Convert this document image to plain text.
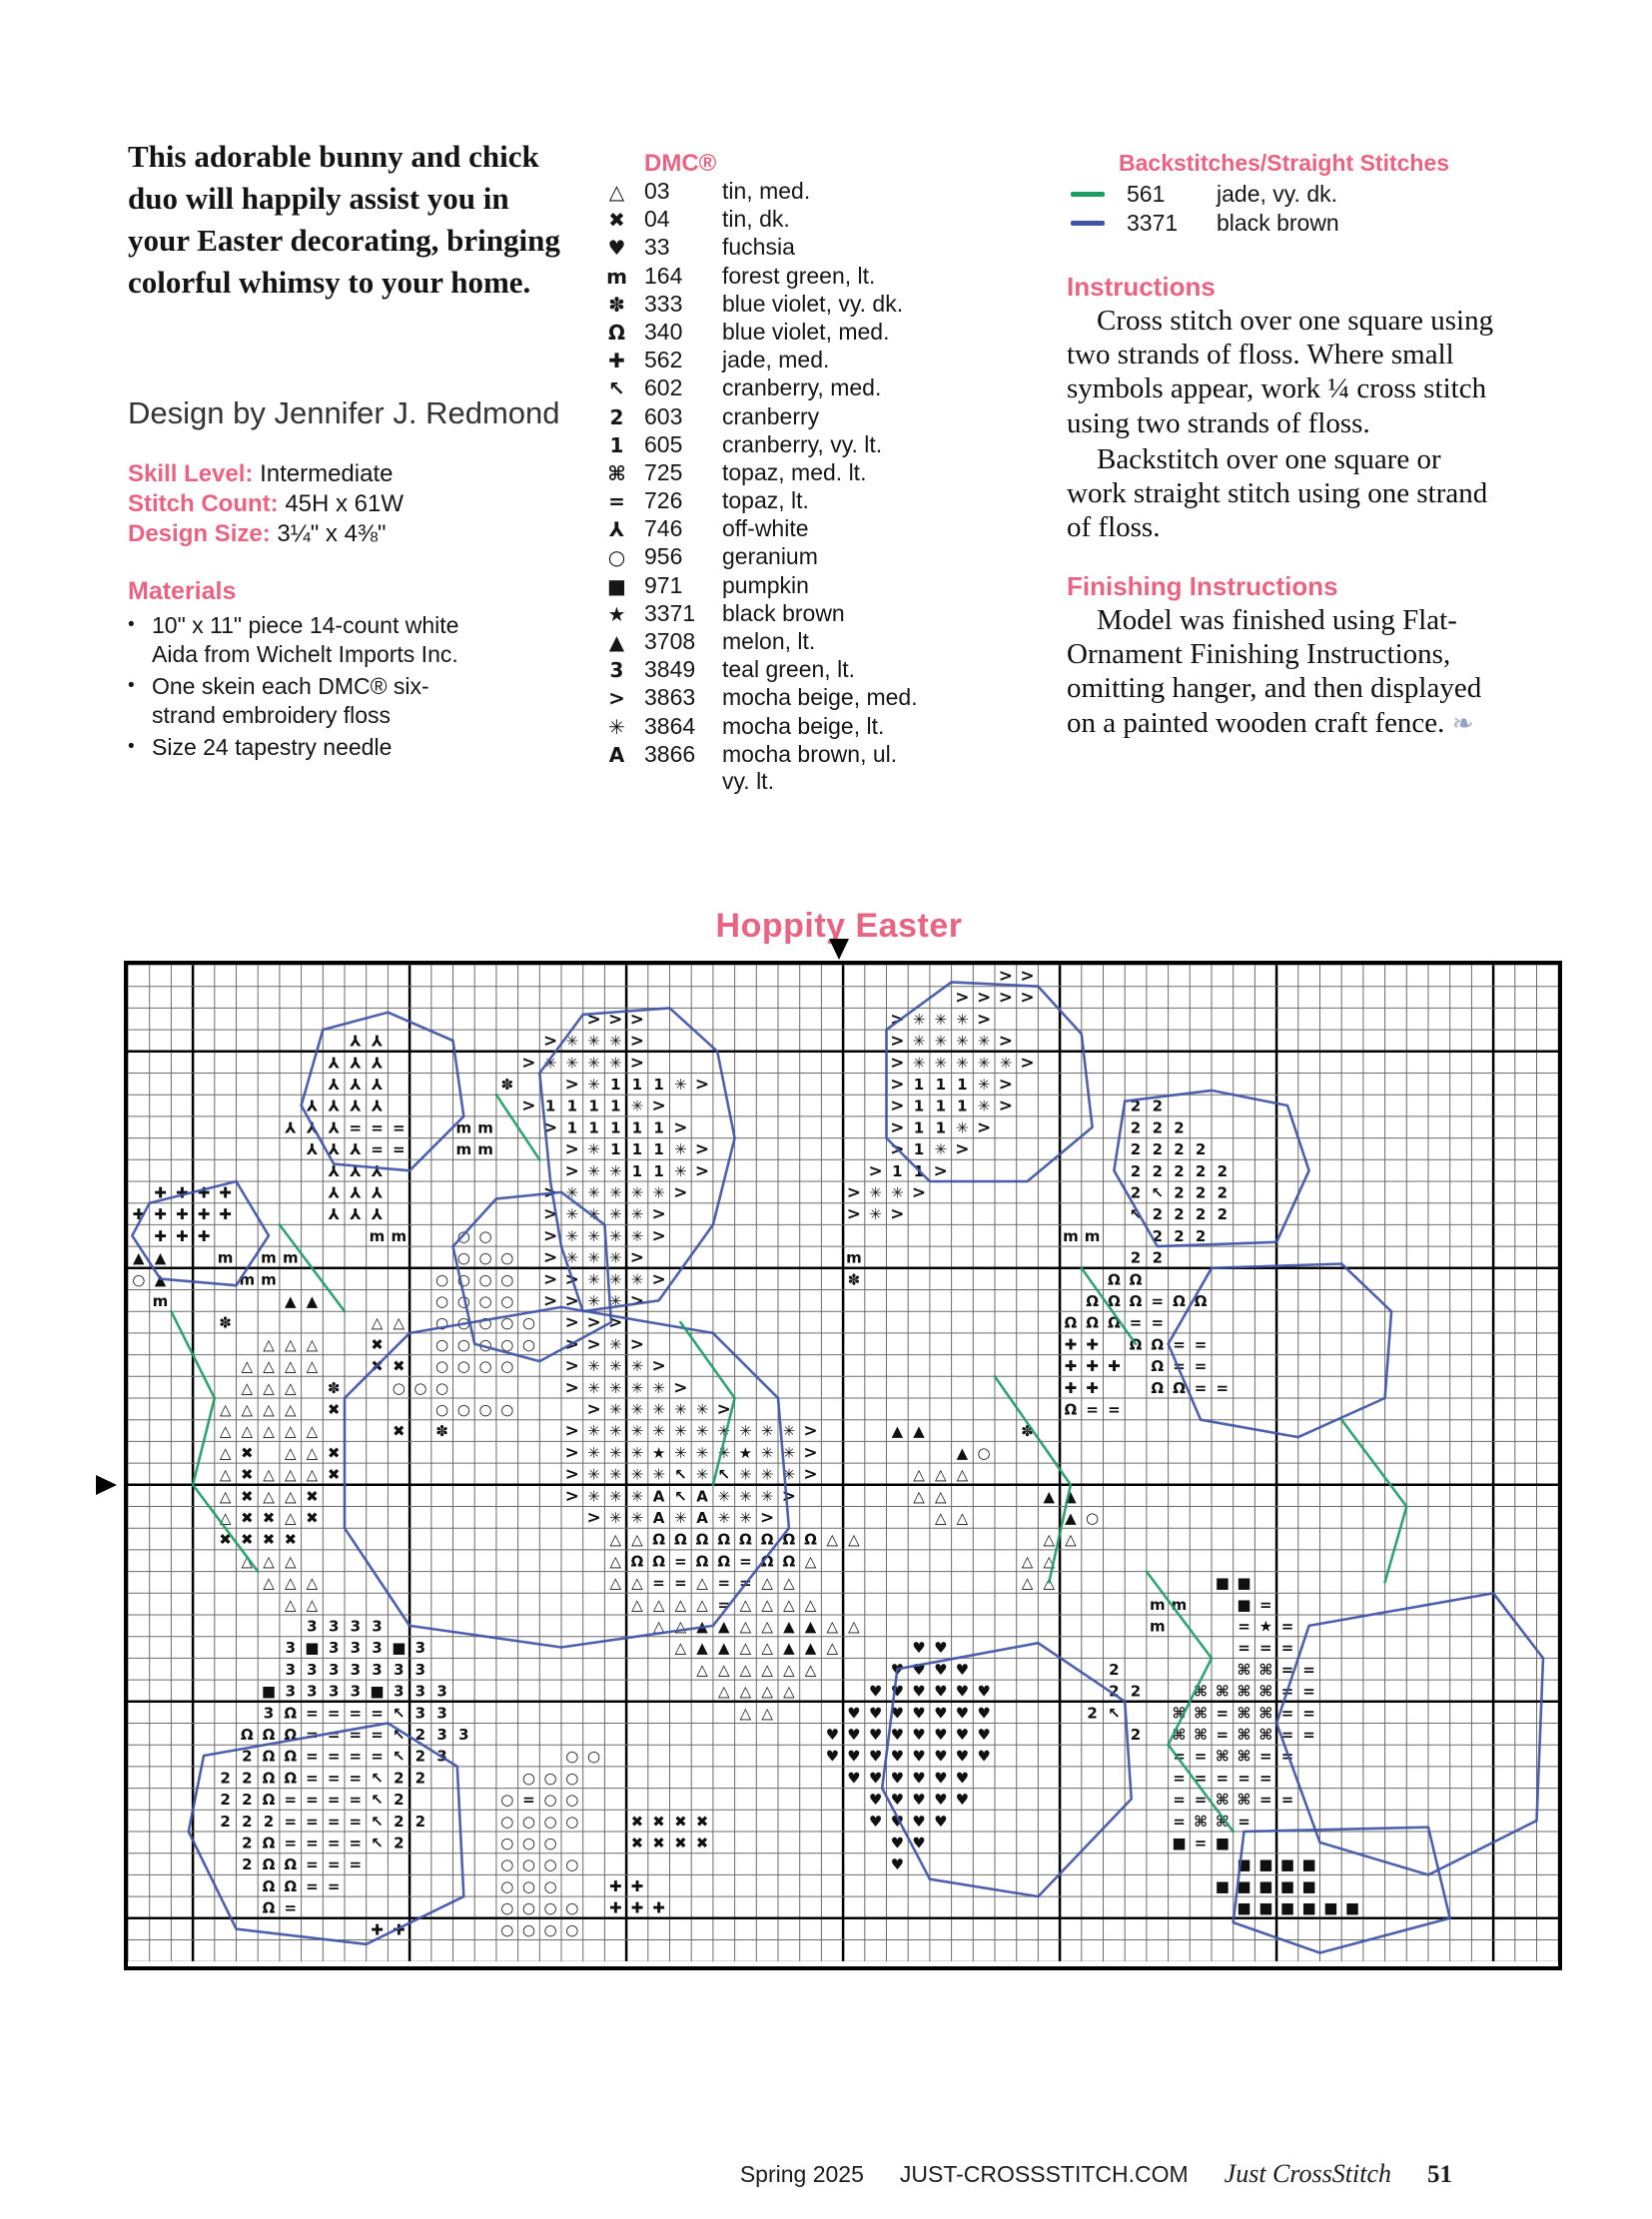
This adorable bunny and chick duo will happily assist you in your Easter decorating, bringing colorful whimsy to your home.
Design by Jennifer J. Redmond
Skill Level: Intermediate
Stitch Count: 45H x 61W
Design Size: 3¼" x 4⅜"
Materials
• 10" x 11" piece 14-count white Aida from Wichelt Imports Inc.
• One skein each DMC® six-strand embroidery floss
• Size 24 tapestry needle
DMC®
△ 03	tin, med.
✖ 04	tin, dk.
♥ 33	fuchsia
m 164	forest green, lt.
✽ 333	blue violet, vy. dk.
Ω 340	blue violet, med.
✚ 562	jade, med.
↖ 602	cranberry, med.
2 603	cranberry
1 605	cranberry, vy. lt.
⌘ 725	topaz, med. lt.
= 726	topaz, lt.
⅄ 746	off-white
○ 956	geranium
■ 971	pumpkin
★ 3371	black brown
▲ 3708	melon, lt.
3 3849	teal green, lt.
> 3863	mocha beige, med.
✳ 3864	mocha beige, lt.
A 3866	mocha brown, ul. vy. lt.
Backstitches/Straight Stitches
561	jade, vy. dk.
3371	black brown
Instructions

Cross stitch over one square using two strands of floss. Where small symbols appear, work ¼ cross stitch using two strands of floss.

Backstitch over one square or work straight stitch using one strand of floss.

Finishing Instructions

Model was finished using Flat-Ornament Finishing Instructions, omitting hanger, and then displayed on a painted wooden craft fence. ❧

Hoppity Easter
> >
> > > >
> > >	> ✳ ✳ ✳ >
⅄ ⅄	> ✳ ✳ ✳ >	> ✳ ✳ ✳ ✳ >
⅄ ⅄ ⅄	> ✳ ✳ ✳ ✳ >	> ✳ ✳ ✳ ✳ ✳ >
⅄ ⅄ ⅄	✽	> ✳ 1 1 1 ✳ >	> 1 1 1 ✳ >
⅄ ⅄ ⅄ ⅄	> 1 1 1 1 ✳ >	> 1 1 1 ✳ >	2 2
⅄ ⅄ ⅄ = = =	m m	> 1 1 1 1 1 >	> 1 1 ✳ >	2 2 2
⅄ ⅄ ⅄ = =	m m	> ✳ 1 1 1 ✳ >	> 1 ✳ >	2 2 2 2
⅄ ⅄ ⅄	> ✳ ✳ 1 1 ✳ >	> 1 1 >	2 2 2 2 2
✚ ✚ ✚ ✚	⅄ ⅄ ⅄	> ✳ ✳ ✳ ✳ ✳ >	> ✳ ✳ >	2 ↖ 2 2 2
✚ ✚ ✚ ✚ ✚	⅄ ⅄ ⅄	> ✳ ✳ ✳ ✳ >	> ✳ >	↖ 2 2 2 2
✚ ✚ ✚	m m	○ ○	> ✳ ✳ ✳ ✳ >	m m	2 2 2
▲ ▲	m m m	○ ○ ○ > ✳ ✳ ✳ >	m	2 2
○ ▲	m m	○ ○ ○ ○ > > ✳ ✳ ✳ >	✽	Ω Ω
m	▲ ▲	○ ○ ○ ○ > > ✳ ✳ >	Ω Ω Ω = Ω Ω
✽	△ △ ○ ○ ○ ○ ○ > > >	Ω Ω Ω = =
△ △ △	✖	○ ○ ○ ○ ○ > > ✳ >	✚ ✚ Ω Ω = =
△ △ △ △	✖ ✖ ○ ○ ○ ○	> ✳ ✳ ✳ >	✚ ✚ ✚ Ω = =
△ △ △ ✽	○ ○ ○	> ✳ ✳ ✳ ✳ >	✚ ✚	Ω Ω = =
△ △ △ △ ✖	○ ○ ○ ○	> ✳ ✳ ✳ ✳ ✳ >	Ω = =
△ △ △ △ △	✖ ✽	> ✳ ✳ ✳ ✳ ✳ ✳ ✳ ✳ ✳ ✳ >	▲ ▲	✽
△ ✖ △ △ ✖	> ✳ ✳ ✳ ★ ✳ ✳ ✳ ★ ✳ ✳ >	▲ ○
△ ✖ △ △ △ ✖	> ✳ ✳ ✳ ✳ ↖ ✳ ↖ ✳ ✳ ✳ >	△ △ △
△ ✖ △ △ ✖	> ✳ ✳ ✳ A ↖ A ✳ ✳ ✳ >	△ △	▲ ▲
△ ✖ ✖ △ ✖	> ✳ ✳ A ✳ A ✳ ✳ >	△ △	▲ ○
✖ ✖ ✖ ✖	△ △ Ω Ω Ω Ω Ω Ω Ω Ω △ △	△ △
△ △ △	△ Ω Ω = Ω Ω = Ω Ω △	△ △
△ △ △	△ △ = = △ = = △ △	△ △	■ ■
△ △	△ △ △ △ = △ △ △ △	m m	■ =
3 3 3 3	△ △ ▲ ▲ △ △ ▲ ▲ △ △	m	= ★ =
3 ■ 3 3 3 ■ 3	△ ▲ ▲ △ △ ▲ ▲ △	♥ ♥	= = =
3 3 3 3 3 3 3	△ △ △ △ △ △	♥ ♥ ♥ ♥	2	⌘ ⌘ = =
■ 3 3 3 3 ■ 3 3 3	△ △ △ △	♥ ♥ ♥ ♥ ♥ ♥	2 2	⌘ ⌘ ⌘ ⌘ = =
3 Ω = = = = ↖ 3 3	△ △	♥ ♥ ♥ ♥ ♥ ♥ ♥	2 ↖	⌘ ⌘ = ⌘ ⌘ = =
Ω Ω Ω = = = = ↖ 2 3 3	♥ ♥ ♥ ♥ ♥ ♥ ♥ ♥	2 ⌘ ⌘ = ⌘ ⌘ = =
2 Ω Ω = = = = ↖ 2 3	○ ○	♥ ♥ ♥ ♥ ♥ ♥ ♥ ♥	= = ⌘ ⌘ = =
2 2 Ω Ω = = = ↖ 2 2	○ ○ ○	♥ ♥ ♥ ♥ ♥ ♥	= = = = =
2 2 Ω = = = = ↖ 2	○ = ○ ○	♥ ♥ ♥ ♥ ♥	= = ⌘ ⌘ = =
2 2 2 = = = = ↖ 2 2	○ ○ ○ ○	✖ ✖ ✖ ✖	♥ ♥ ♥ ♥	= ⌘ ⌘ =
2 Ω = = = = ↖ 2	○ ○ ○	✖ ✖ ✖ ✖	♥ ♥	■ = ■
2 Ω Ω = = =	○ ○ ○ ○	♥	■ ■ ■ ■
Ω Ω = =	○ ○ ○	✚ ✚	■ ■ ■ ■ ■
Ω =	○ ○ ○ ○ ✚ ✚ ✚	■ ■ ■ ■ ■ ■
✚ ✚	○ ○ ○ ○
Spring 2025 JUST-CROSSSTITCH.COM Just CrossStitch 51
